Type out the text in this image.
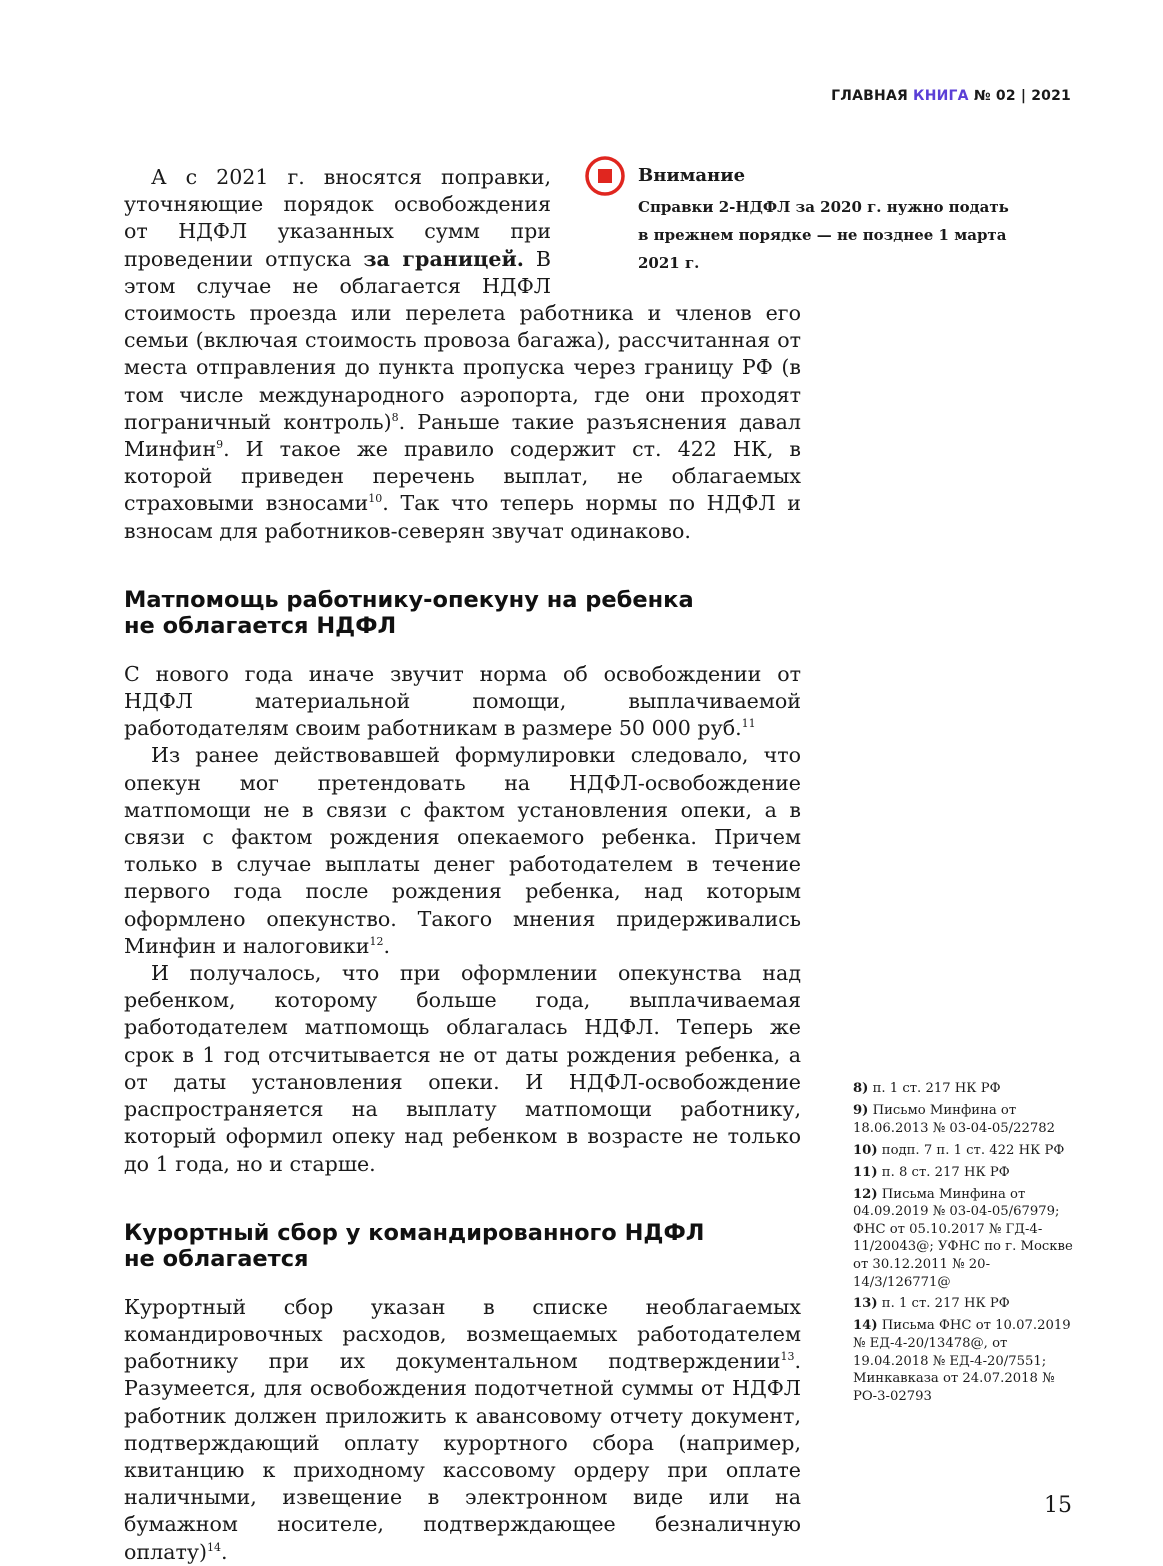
ГЛАВНАЯ КНИГА № 02 | 2021
Внимание
Справки 2-НДФЛ за 2020 г. нужно подать в прежнем порядке — не позднее 1 марта 2021 г.

А с 2021 г. вносятся поправки, уточняющие порядок освобождения от НДФЛ указанных сумм при проведении отпуска за границей. В этом случае не облагается НДФЛ стоимость проезда или перелета работника и членов его семьи (включая стоимость провоза багажа), рассчитанная от места отправления до пункта пропуска через границу РФ (в том числе международного аэропорта, где они проходят пограничный контроль)$^8$. Раньше такие разъяснения давал Минфин$^9$. И такое же правило содержит ст. 422 НК, в которой приведен перечень выплат, не облагаемых страховыми взносами$^{10}$. Так что теперь нормы по НДФЛ и взносам для работников-северян звучат одинаково.

Матпомощь работнику-опекуну на ребенка
не облагается НДФЛ

С нового года иначе звучит норма об освобождении от НДФЛ материальной помощи, выплачиваемой работодателям своим работникам в размере 50 000 руб.$^{11}$

Из ранее действовавшей формулировки следовало, что опекун мог претендовать на НДФЛ-освобождение матпомощи не в связи с фактом установления опеки, а в связи с фактом рождения опекаемого ребенка. Причем только в случае выплаты денег работодателем в течение первого года после рождения ребенка, над которым оформлено опекунство. Такого мнения придерживались Минфин и налоговики$^{12}$.

И получалось, что при оформлении опекунства над ребенком, которому больше года, выплачиваемая работодателем матпомощь облагалась НДФЛ. Теперь же срок в 1 год отсчитывается не от даты рождения ребенка, а от даты установления опеки. И НДФЛ-освобождение распространяется на выплату матпомощи работнику, который оформил опеку над ребенком в возрасте не только до 1 года, но и старше.

Курортный сбор у командированного НДФЛ
не облагается

Курортный сбор указан в списке необлагаемых командировочных расходов, возмещаемых работодателем работнику при их документальном подтверждении$^{13}$. Разумеется, для освобождения подотчетной суммы от НДФЛ работник должен приложить к авансовому отчету документ, подтверждающий оплату курортного сбора (например, квитанцию к приходному кассовому ордеру при оплате наличными, извещение в электронном виде или на бумажном носителе, подтверждающее безналичную оплату)$^{14}$.

8) п. 1 ст. 217 НК РФ
9) Письмо Минфина от 18.06.2013 № 03-04-05/22782
10) подп. 7 п. 1 ст. 422 НК РФ
11) п. 8 ст. 217 НК РФ
12) Письма Минфина от 04.09.2019 № 03-04-05/67979; ФНС от 05.10.2017 № ГД-4-11/20043@; УФНС по г. Москве от 30.12.2011 № 20-14/3/126771@
13) п. 1 ст. 217 НК РФ
14) Письма ФНС от 10.07.2019 № ЕД-4-20/13478@, от 19.04.2018 № ЕД-4-20/7551; Минкавказа от 24.07.2018 № РО-3-02793
15
